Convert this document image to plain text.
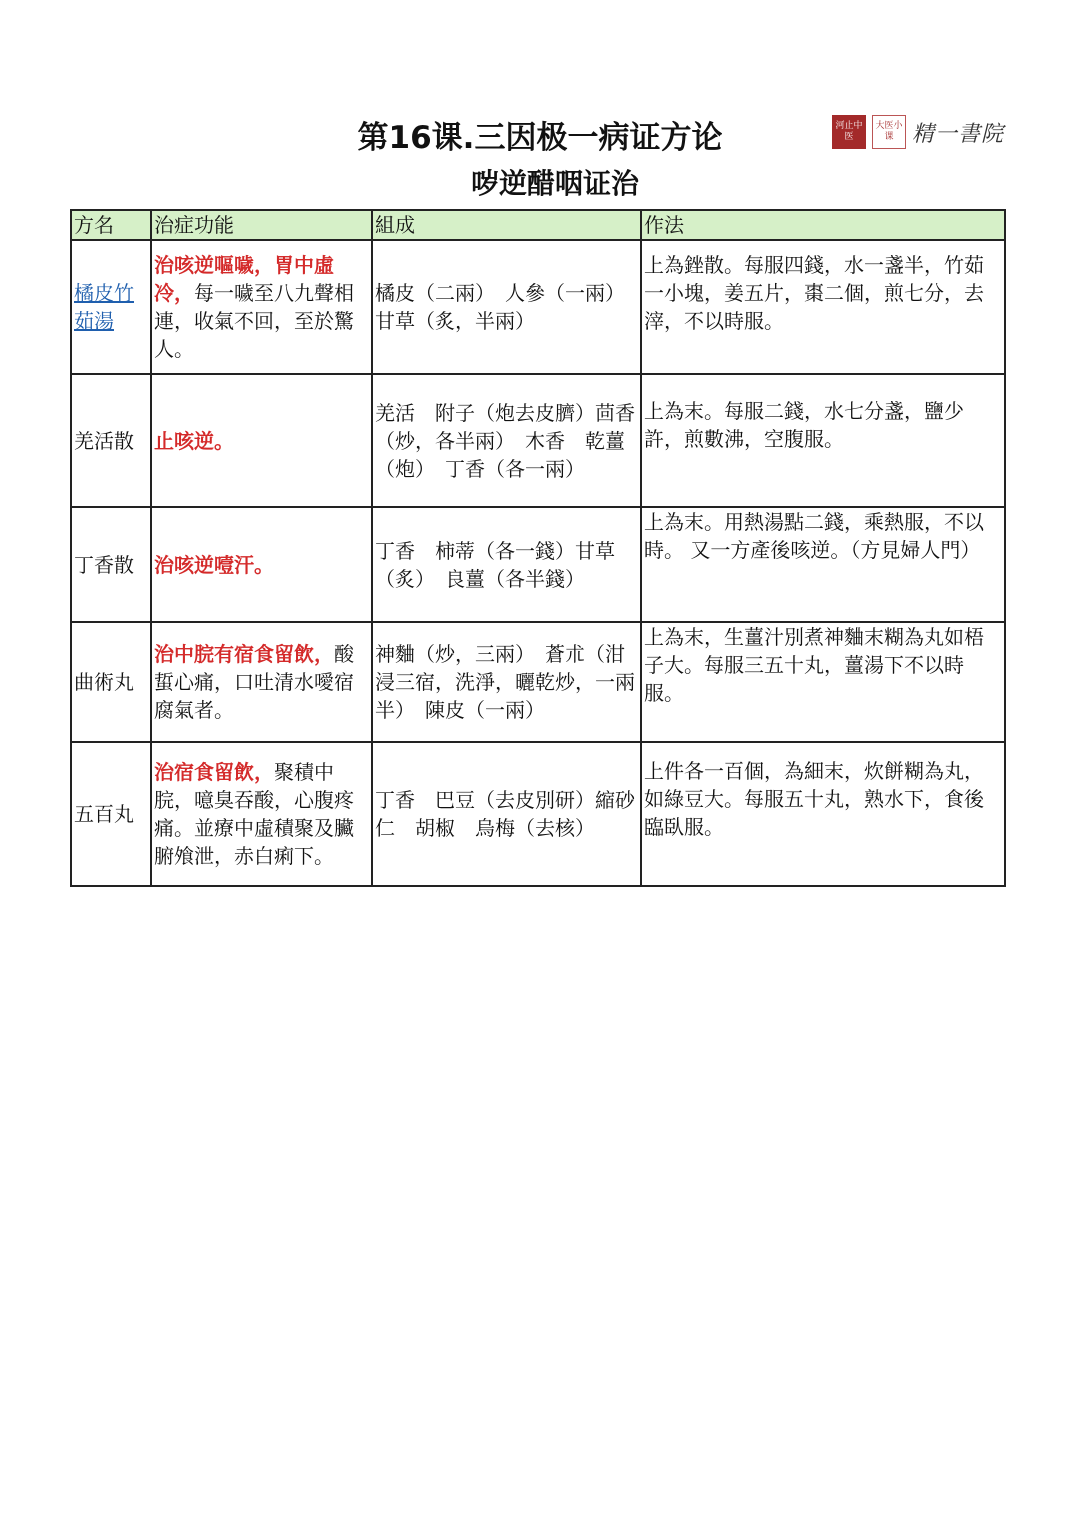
第16课.三因极一病证方论
哕逆醋咽证治
河止中医
大医小课 精一書院
方名	治症功能	組成	作法
橘皮竹茹湯	治咳逆嘔噦，胃中虛冷，每一噦至八九聲相連，收氣不回，至於驚人。	橘皮（二兩）　人參（一兩）　甘草（炙，半兩）	上為銼散。每服四錢，水一盞半，竹茹一小塊，姜五片，棗二個，煎七分，去滓，不以時服。
羌活散	止咳逆。	羌活　附子（炮去皮臍）茴香（炒，各半兩）　木香　乾薑（炮）　丁香（各一兩）	上為末。每服二錢，水七分盞，鹽少許，煎數沸，空腹服。
丁香散	治咳逆噎汗。	丁香　柿蒂（各一錢）甘草（炙）　良薑（各半錢）	上為末。用熱湯點二錢，乘熱服，不以時。 又一方產後咳逆。（方見婦人門）
曲術丸	治中脘有宿食留飲，酸蜇心痛，口吐清水噯宿腐氣者。	神麯（炒，三兩）　蒼朮（泔浸三宿，洗淨，曬乾炒，一兩半）　陳皮（一兩）	上為末，生薑汁別煮神麯末糊為丸如梧子大。每服三五十丸，薑湯下不以時服。
五百丸	治宿食留飲，聚積中脘，噫臭吞酸，心腹疼痛。並療中虛積聚及臟腑飧泄，赤白痢下。	丁香　巴豆（去皮別研）縮砂仁　胡椒　烏梅（去核）	上件各一百個，為細末，炊餅糊為丸，如綠豆大。每服五十丸，熟水下，食後臨臥服。
